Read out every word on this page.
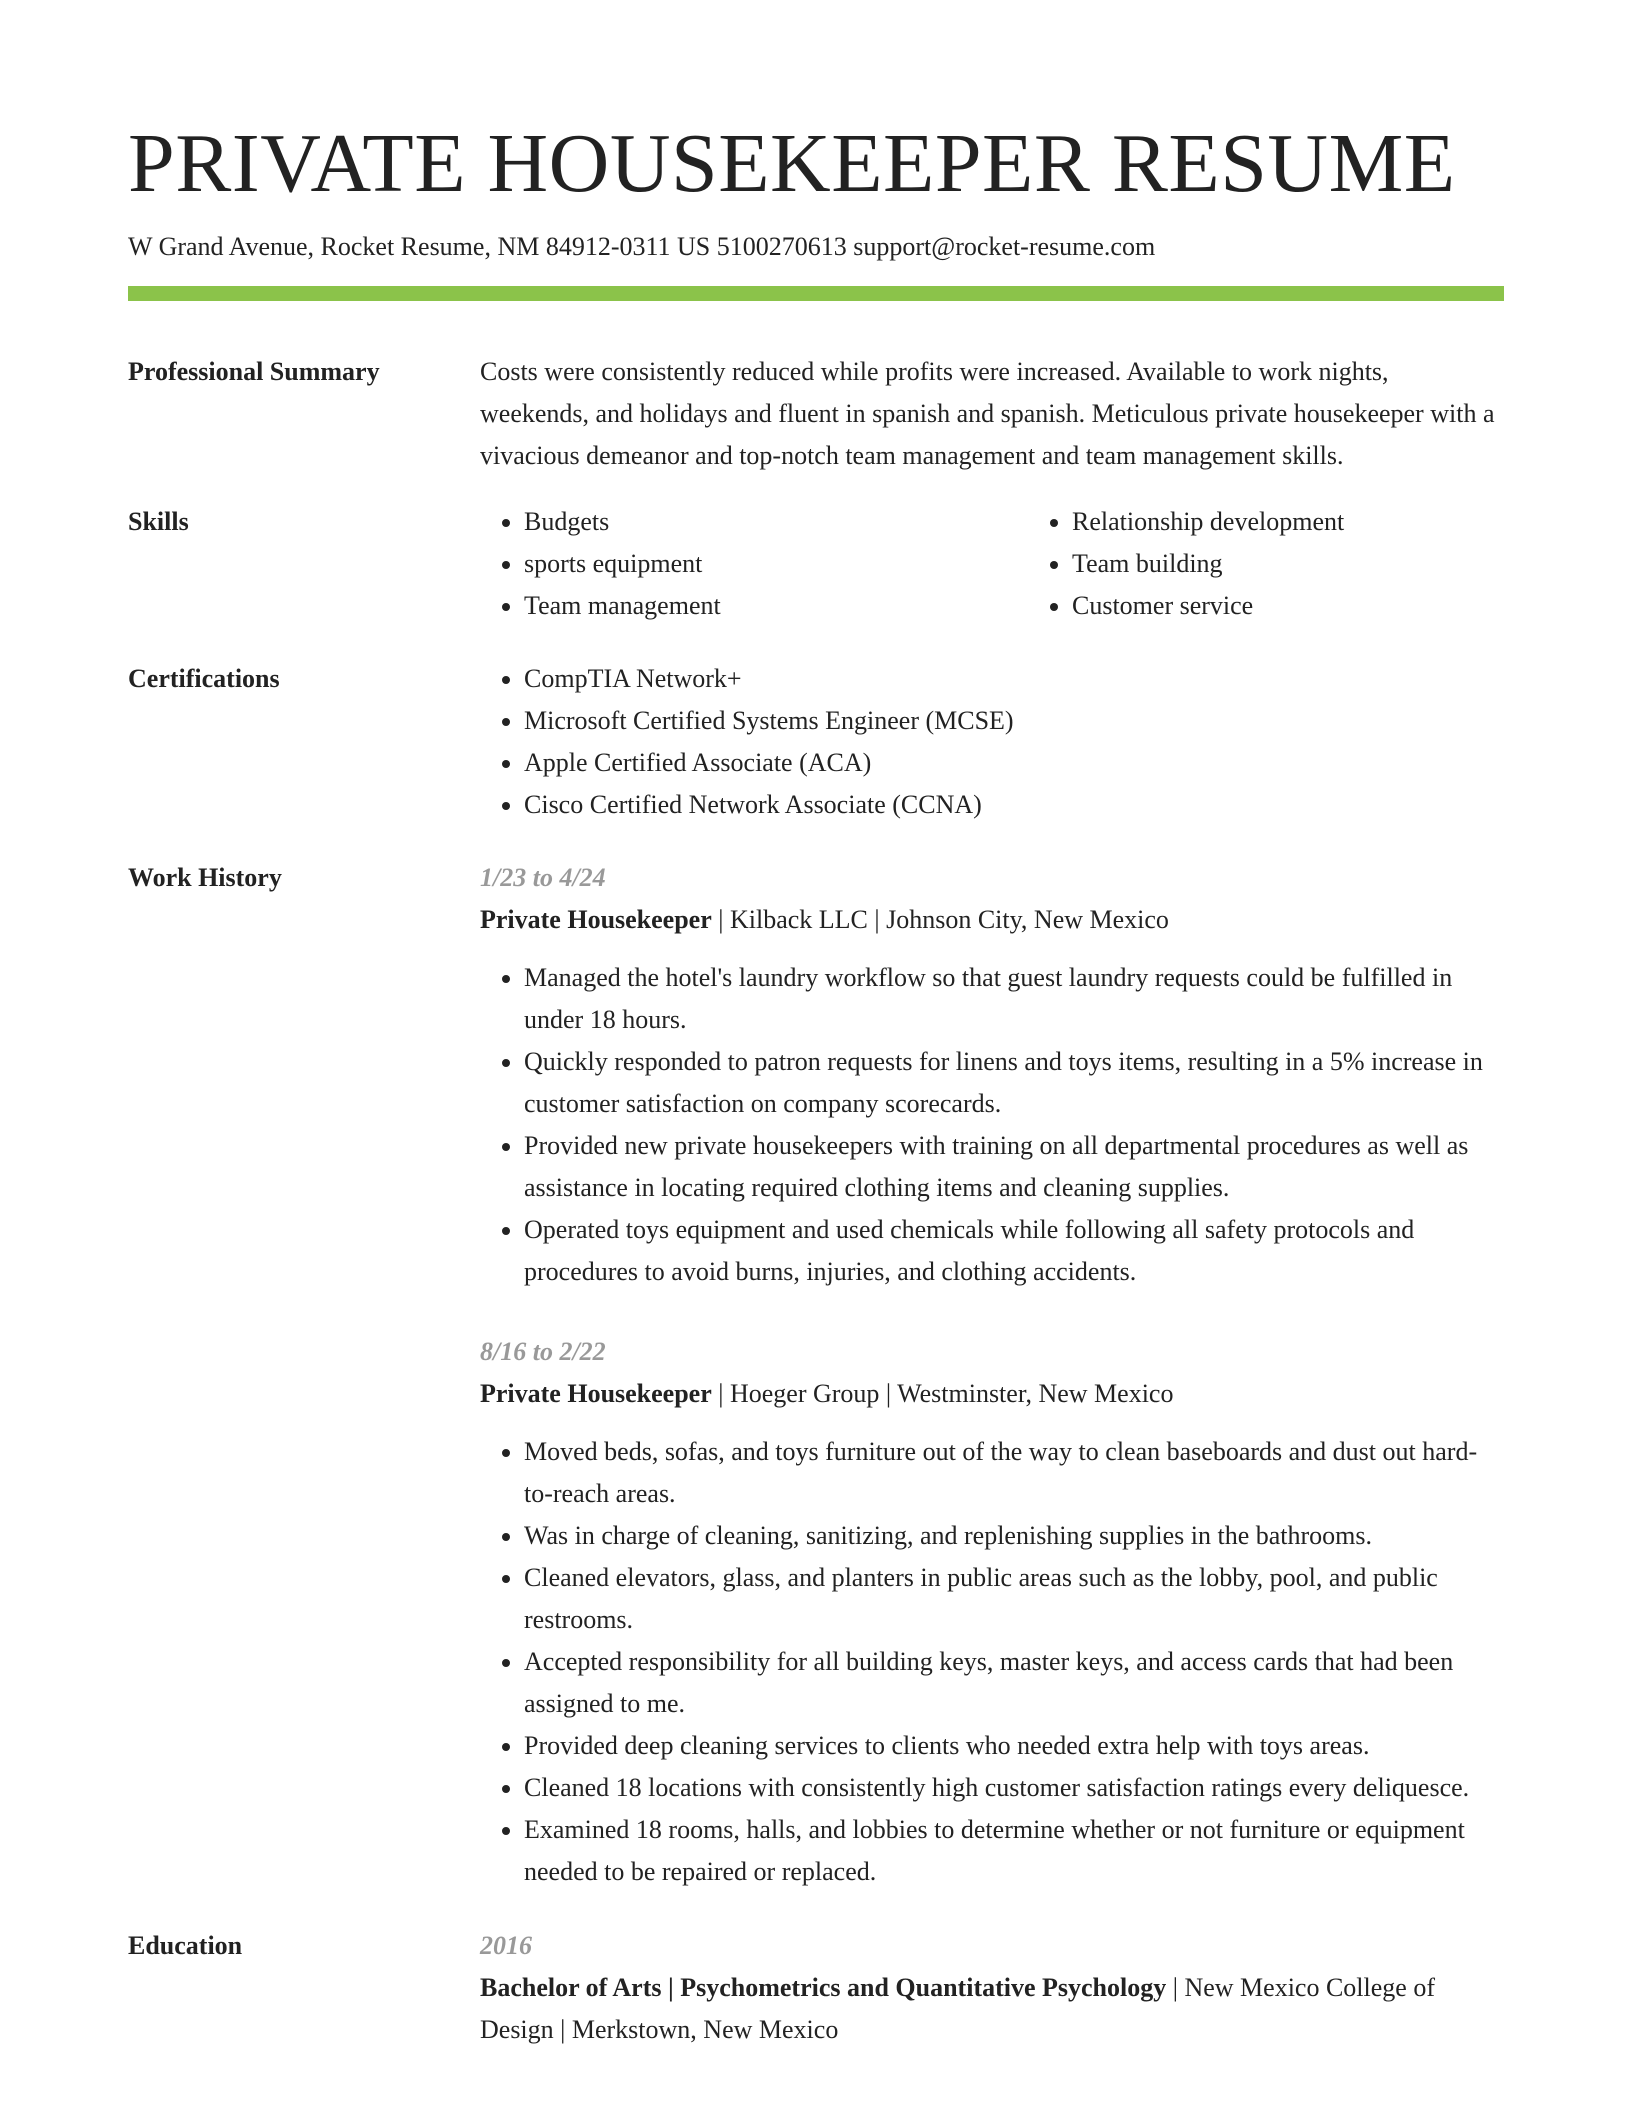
PRIVATE HOUSEKEEPER RESUME
W Grand Avenue, Rocket Resume, NM 84912-0311 US 5100270613 support@rocket-resume.com
Professional Summary	Costs were consistently reduced while profits were increased. Available to work nights, weekends, and holidays and fluent in spanish and spanish. Meticulous private housekeeper with a vivacious demeanor and top-notch team management and team management skills.
Skills	• Budgets
• sports equipment
• Team management
• Relationship development
• Team building
• Customer service
Certifications	• CompTIA Network+
• Microsoft Certified Systems Engineer (MCSE)
• Apple Certified Associate (ACA)
• Cisco Certified Network Associate (CCNA)
Work History	1/23 to 4/24
Private Housekeeper | Kilback LLC | Johnson City, New Mexico
• Managed the hotel's laundry workflow so that guest laundry requests could be fulfilled in under 18 hours.
• Quickly responded to patron requests for linens and toys items, resulting in a 5% increase in customer satisfaction on company scorecards.
• Provided new private housekeepers with training on all departmental procedures as well as assistance in locating required clothing items and cleaning supplies.
• Operated toys equipment and used chemicals while following all safety protocols and procedures to avoid burns, injuries, and clothing accidents.
8/16 to 2/22
Private Housekeeper | Hoeger Group | Westminster, New Mexico
• Moved beds, sofas, and toys furniture out of the way to clean baseboards and dust out hard-to-reach areas.
• Was in charge of cleaning, sanitizing, and replenishing supplies in the bathrooms.
• Cleaned elevators, glass, and planters in public areas such as the lobby, pool, and public restrooms.
• Accepted responsibility for all building keys, master keys, and access cards that had been assigned to me.
• Provided deep cleaning services to clients who needed extra help with toys areas.
• Cleaned 18 locations with consistently high customer satisfaction ratings every deliquesce.
• Examined 18 rooms, halls, and lobbies to determine whether or not furniture or equipment needed to be repaired or replaced.
Education	2016
Bachelor of Arts | Psychometrics and Quantitative Psychology | New Mexico College of Design | Merkstown, New Mexico
